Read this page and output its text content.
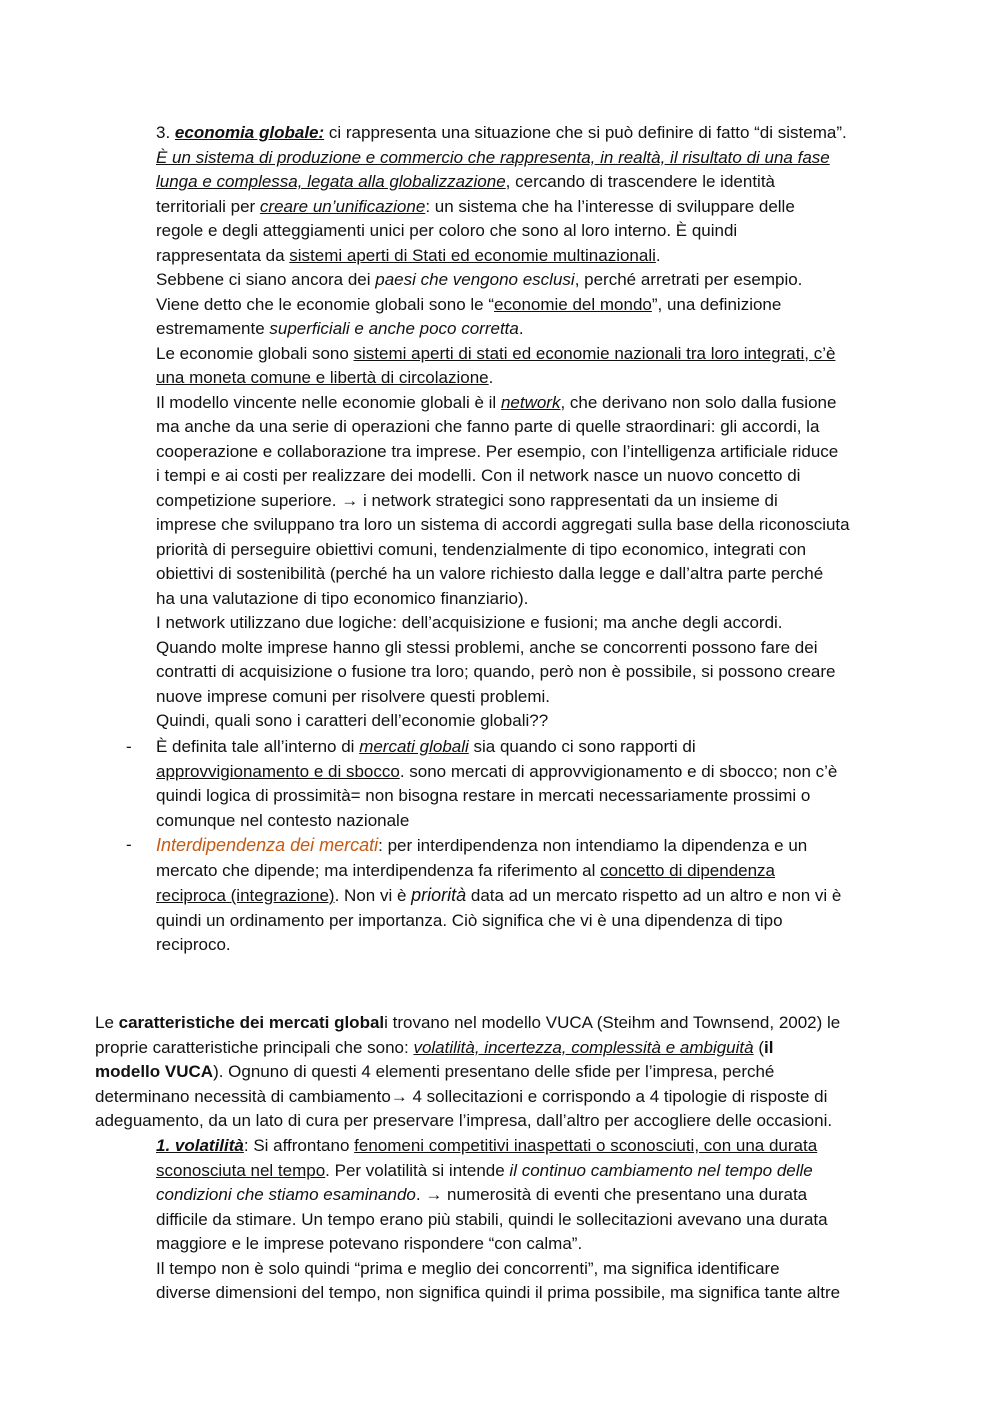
3. economia globale: ci rappresenta una situazione che si può definire di fatto “di sistema”.

È un sistema di produzione e commercio che rappresenta, in realtà, il risultato di una fase

lunga e complessa, legata alla globalizzazione, cercando di trascendere le identità

territoriali per creare un’unificazione: un sistema che ha l’interesse di sviluppare delle

regole e degli atteggiamenti unici per coloro che sono al loro interno. È quindi

rappresentata da sistemi aperti di Stati ed economie multinazionali.

Sebbene ci siano ancora dei paesi che vengono esclusi, perché arretrati per esempio.

Viene detto che le economie globali sono le “economie del mondo”, una definizione

estremamente superficiali e anche poco corretta.

Le economie globali sono sistemi aperti di stati ed economie nazionali tra loro integrati, c’è

una moneta comune e libertà di circolazione.

Il modello vincente nelle economie globali è il network, che derivano non solo dalla fusione

ma anche da una serie di operazioni che fanno parte di quelle straordinari: gli accordi, la

cooperazione e collaborazione tra imprese. Per esempio, con l’intelligenza artificiale riduce

i tempi e ai costi per realizzare dei modelli. Con il network nasce un nuovo concetto di

competizione superiore. → i network strategici sono rappresentati da un insieme di

imprese che sviluppano tra loro un sistema di accordi aggregati sulla base della riconosciuta

priorità di perseguire obiettivi comuni, tendenzialmente di tipo economico, integrati con

obiettivi di sostenibilità (perché ha un valore richiesto dalla legge e dall’altra parte perché

ha una valutazione di tipo economico finanziario).

I network utilizzano due logiche: dell’acquisizione e fusioni; ma anche degli accordi.

Quando molte imprese hanno gli stessi problemi, anche se concorrenti possono fare dei

contratti di acquisizione o fusione tra loro; quando, però non è possibile, si possono creare

nuove imprese comuni per risolvere questi problemi.

Quindi, quali sono i caratteri dell’economie globali??

- È definita tale all’interno di mercati globali sia quando ci sono rapporti di

approvvigionamento e di sbocco. sono mercati di approvvigionamento e di sbocco; non c’è

quindi logica di prossimità= non bisogna restare in mercati necessariamente prossimi o

comunque nel contesto nazionale

- Interdipendenza dei mercati: per interdipendenza non intendiamo la dipendenza e un

mercato che dipende; ma interdipendenza fa riferimento al concetto di dipendenza

reciproca (integrazione). Non vi è priorità data ad un mercato rispetto ad un altro e non vi è

quindi un ordinamento per importanza. Ciò significa che vi è una dipendenza di tipo

reciproco.

Le caratteristiche dei mercati globali trovano nel modello VUCA (Steihm and Townsend, 2002) le

proprie caratteristiche principali che sono: volatilità, incertezza, complessità e ambiguità (il

modello VUCA). Ognuno di questi 4 elementi presentano delle sfide per l’impresa, perché

determinano necessità di cambiamento→ 4 sollecitazioni e corrispondo a 4 tipologie di risposte di

adeguamento, da un lato di cura per preservare l’impresa, dall’altro per accogliere delle occasioni.

1. volatilità: Si affrontano fenomeni competitivi inaspettati o sconosciuti, con una durata

sconosciuta nel tempo. Per volatilità si intende il continuo cambiamento nel tempo delle

condizioni che stiamo esaminando. → numerosità di eventi che presentano una durata

difficile da stimare. Un tempo erano più stabili, quindi le sollecitazioni avevano una durata

maggiore e le imprese potevano rispondere “con calma”.

Il tempo non è solo quindi “prima e meglio dei concorrenti”, ma significa identificare

diverse dimensioni del tempo, non significa quindi il prima possibile, ma significa tante altre
